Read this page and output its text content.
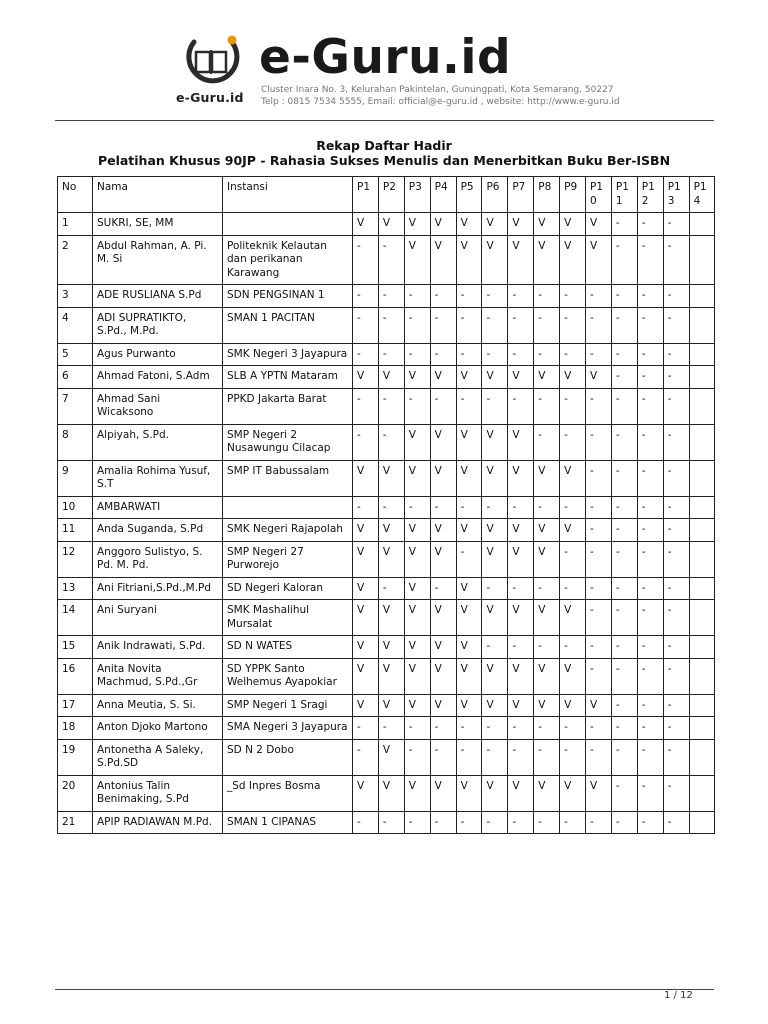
e-Guru.id
e-Guru.id
Cluster Inara No. 3, Kelurahan Pakintelan, Gunungpati, Kota Semarang, 50227
Telp : 0815 7534 5555, Email: official@e-guru.id , website: http://www.e-guru.id
Rekap Daftar Hadir
Pelatihan Khusus 90JP - Rahasia Sukses Menulis dan Menerbitkan Buku Ber-ISBN
No	Nama	Instansi	P1	P2	P3	P4	P5	P6	P7	P8	P9	P10	P11	P12	P13	P14
1	SUKRI, SE, MM		V	V	V	V	V	V	V	V	V	V	-	-	-	
2	Abdul Rahman, A. Pi. M. Si	Politeknik Kelautan dan perikanan Karawang	-	-	V	V	V	V	V	V	V	V	-	-	-	
3	ADE RUSLIANA S.Pd	SDN PENGSINAN 1	-	-	-	-	-	-	-	-	-	-	-	-	-	
4	ADI SUPRATIKTO, S.Pd., M.Pd.	SMAN 1 PACITAN	-	-	-	-	-	-	-	-	-	-	-	-	-	
5	Agus Purwanto	SMK Negeri 3 Jayapura	-	-	-	-	-	-	-	-	-	-	-	-	-	
6	Ahmad Fatoni, S.Adm	SLB A YPTN Mataram	V	V	V	V	V	V	V	V	V	V	-	-	-	
7	Ahmad Sani Wicaksono	PPKD Jakarta Barat	-	-	-	-	-	-	-	-	-	-	-	-	-	
8	Alpiyah, S.Pd.	SMP Negeri 2 Nusawungu Cilacap	-	-	V	V	V	V	V	-	-	-	-	-	-	
9	Amalia Rohima Yusuf, S.T	SMP IT Babussalam	V	V	V	V	V	V	V	V	V	-	-	-	-	
10	AMBARWATI		-	-	-	-	-	-	-	-	-	-	-	-	-	
11	Anda Suganda, S.Pd	SMK Negeri Rajapolah	V	V	V	V	V	V	V	V	V	-	-	-	-	
12	Anggoro Sulistyo, S. Pd. M. Pd.	SMP Negeri 27 Purworejo	V	V	V	V	-	V	V	V	-	-	-	-	-	
13	Ani Fitriani,S.Pd.,M.Pd	SD Negeri Kaloran	V	-	V	-	V	-	-	-	-	-	-	-	-	
14	Ani Suryani	SMK Mashalihul Mursalat	V	V	V	V	V	V	V	V	V	-	-	-	-	
15	Anik Indrawati, S.Pd.	SD N WATES	V	V	V	V	V	-	-	-	-	-	-	-	-	
16	Anita Novita Machmud, S.Pd.,Gr	SD YPPK Santo Welhemus Ayapokiar	V	V	V	V	V	V	V	V	V	-	-	-	-	
17	Anna Meutia, S. Si.	SMP Negeri 1 Sragi	V	V	V	V	V	V	V	V	V	V	-	-	-	
18	Anton Djoko Martono	SMA Negeri 3 Jayapura	-	-	-	-	-	-	-	-	-	-	-	-	-	
19	Antonetha A Saleky, S.Pd.SD	SD N 2 Dobo	-	V	-	-	-	-	-	-	-	-	-	-	-	
20	Antonius Talin Benimaking, S.Pd	_Sd Inpres Bosma	V	V	V	V	V	V	V	V	V	V	-	-	-	
21	APIP RADIAWAN M.Pd.	SMAN 1 CIPANAS	-	-	-	-	-	-	-	-	-	-	-	-	-	
1 / 12
